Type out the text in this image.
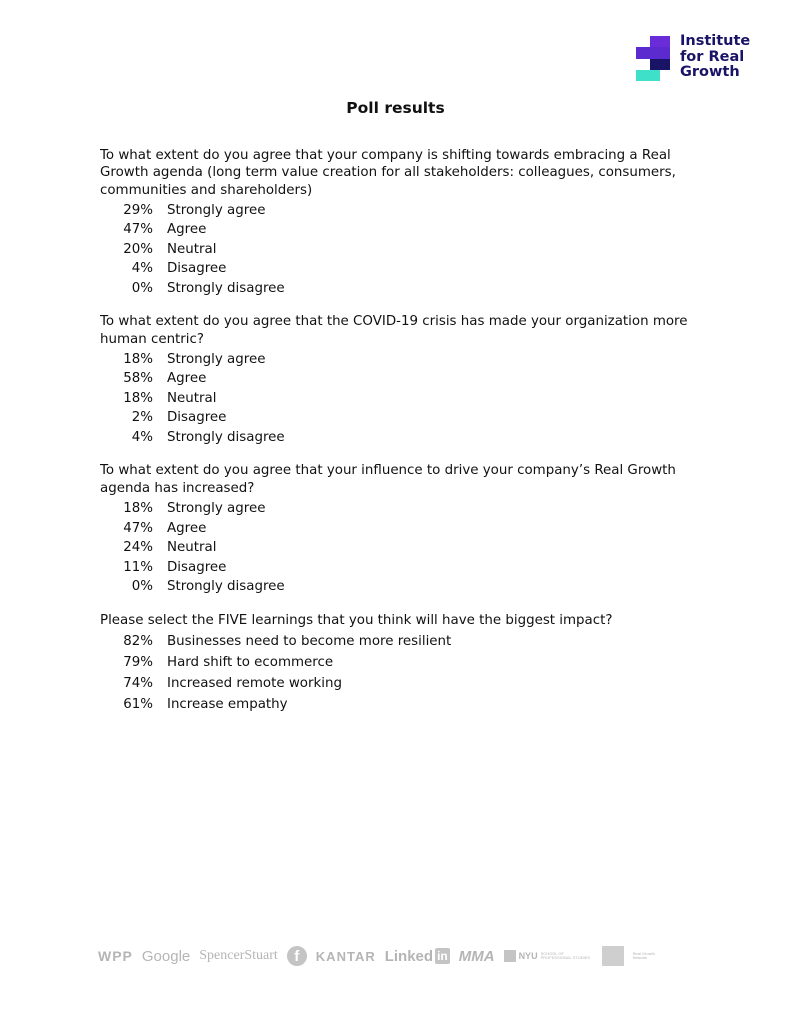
Institute
for Real
Growth
Poll results

To what extent do you agree that your company is shifting towards embracing a Real Growth agenda (long term value creation for all stakeholders: colleagues, consumers, communities and shareholders)

29%	Strongly agree
47%	Agree
20%	Neutral
4%	Disagree
0%	Strongly disagree

To what extent do you agree that the COVID-19 crisis has made your organization more human centric?

18%	Strongly agree
58%	Agree
18%	Neutral
2%	Disagree
4%	Strongly disagree

To what extent do you agree that your influence to drive your company’s Real Growth agenda has increased?

18%	Strongly agree
47%	Agree
24%	Neutral
11%	Disagree
0%	Strongly disagree

Please select the FIVE learnings that you think will have the biggest impact?

82%	Businesses need to become more resilient
79%	Hard shift to ecommerce
74%	Increased remote working
61%	Increase empathy
WPP Google SpencerStuart	f	KANTAR Linked in MMA	NYU SCHOOL OF PROFESSIONAL STUDIES
Real Growth Network
